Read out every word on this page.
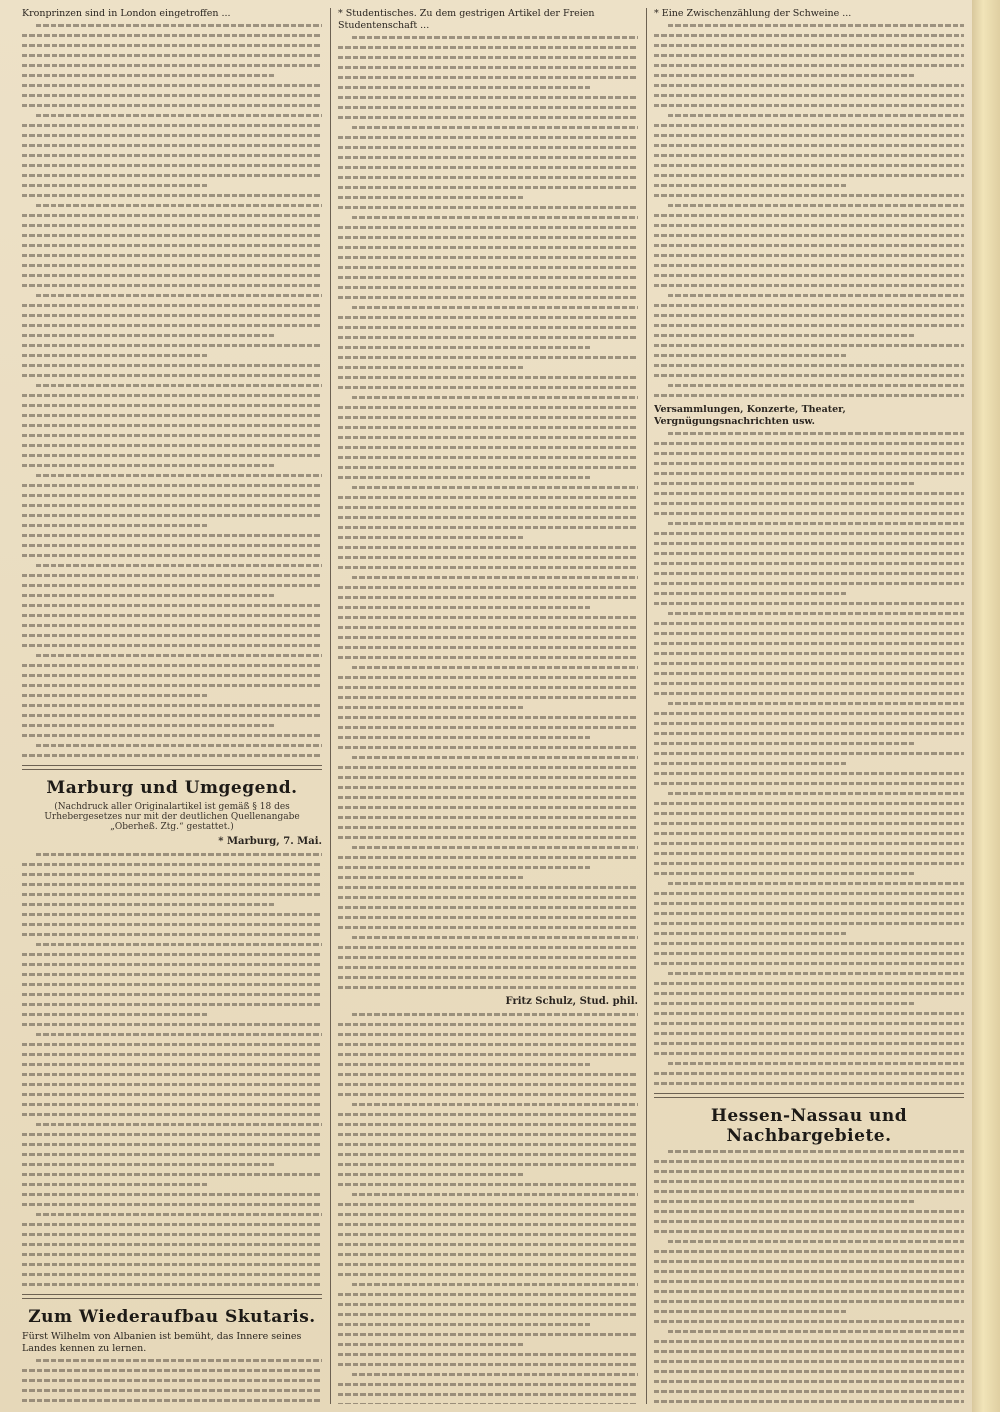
Kronprinzen sind in London eingetroffen ...
Marburg und Umgegend.
(Nachdruck aller Originalartikel ist gemäß § 18 des Urhebergesetzes nur mit der deutlichen Quellenangabe „Oberheß. Ztg.“ gestattet.)
* Marburg, 7. Mai.
Zum Wiederaufbau Skutaris.
Fürst Wilhelm von Albanien ist bemüht, das Innere seines Landes kennen zu lernen.
* Studentisches. Zu dem gestrigen Artikel der Freien Studentenschaft ...
Fritz Schulz, Stud. phil.
* Eine Zwischenzählung der Schweine ...
Versammlungen, Konzerte, Theater, Vergnügungsnachrichten usw.
Hessen-Nassau und Nachbargebiete.
